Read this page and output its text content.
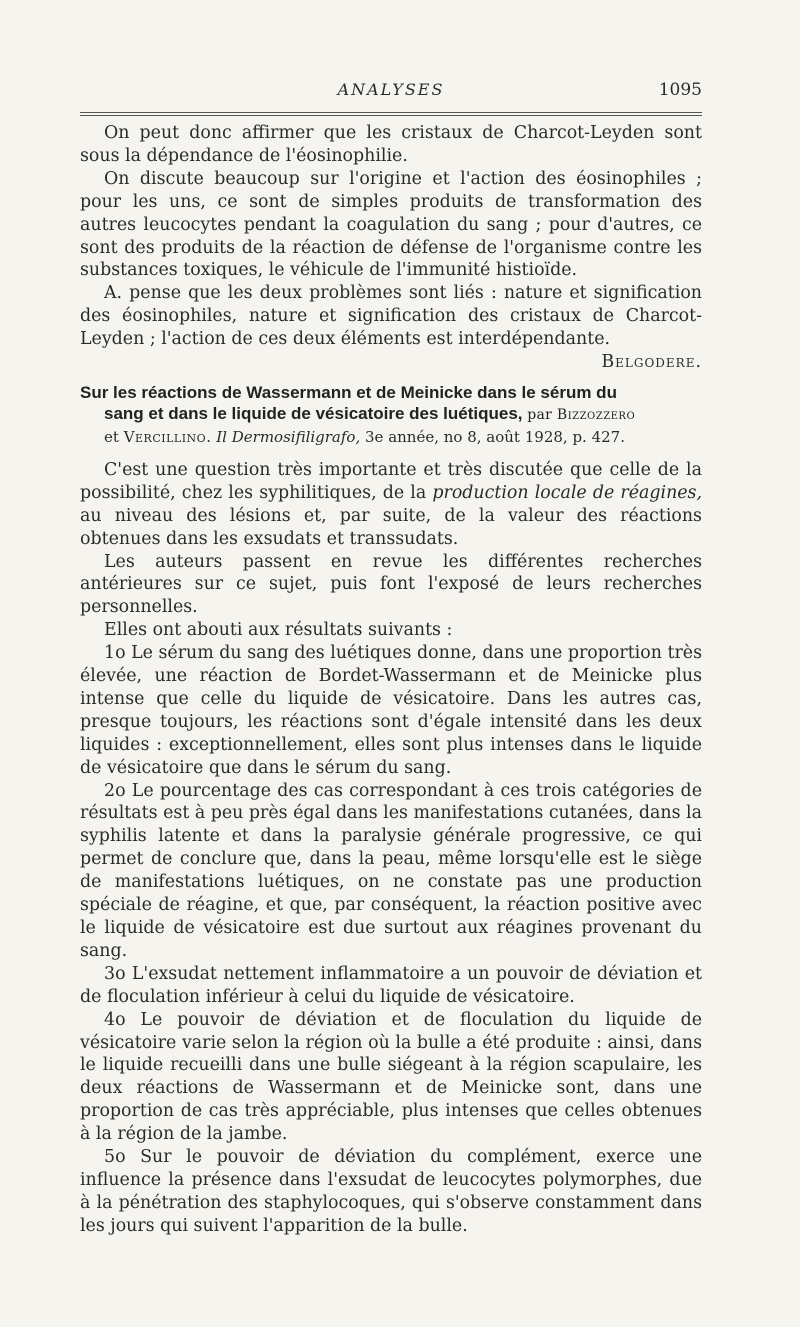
ANALYSES	1095

On peut donc affirmer que les cristaux de Charcot-Leyden sont sous la dépendance de l'éosinophilie.

On discute beaucoup sur l'origine et l'action des éosinophiles ; pour les uns, ce sont de simples produits de transformation des autres leucocytes pendant la coagulation du sang ; pour d'autres, ce sont des produits de la réaction de défense de l'organisme contre les substances toxiques, le véhicule de l'immunité histioïde.

A. pense que les deux problèmes sont liés : nature et signification des éosinophiles, nature et signification des cristaux de Charcot-Leyden ; l'action de ces deux éléments est interdépendante.

Belgodere.

Sur les réactions de Wassermann et de Meinicke dans le sérum du
sang et dans le liquide de vésicatoire des luétiques, par Bizzozzero

et Vercillino. Il Dermosifiligrafo, 3e année, no 8, août 1928, p. 427.

C'est une question très importante et très discutée que celle de la possibilité, chez les syphilitiques, de la production locale de réagines, au niveau des lésions et, par suite, de la valeur des réactions obtenues dans les exsudats et transsudats.

Les auteurs passent en revue les différentes recherches antérieures sur ce sujet, puis font l'exposé de leurs recherches personnelles.

Elles ont abouti aux résultats suivants :

1o Le sérum du sang des luétiques donne, dans une proportion très élevée, une réaction de Bordet-Wassermann et de Meinicke plus intense que celle du liquide de vésicatoire. Dans les autres cas, presque toujours, les réactions sont d'égale intensité dans les deux liquides : exceptionnellement, elles sont plus intenses dans le liquide de vésicatoire que dans le sérum du sang.

2o Le pourcentage des cas correspondant à ces trois catégories de résultats est à peu près égal dans les manifestations cutanées, dans la syphilis latente et dans la paralysie générale progressive, ce qui permet de conclure que, dans la peau, même lorsqu'elle est le siège de manifestations luétiques, on ne constate pas une production spéciale de réagine, et que, par conséquent, la réaction positive avec le liquide de vésicatoire est due surtout aux réagines provenant du sang.

3o L'exsudat nettement inflammatoire a un pouvoir de déviation et de floculation inférieur à celui du liquide de vésicatoire.

4o Le pouvoir de déviation et de floculation du liquide de vésicatoire varie selon la région où la bulle a été produite : ainsi, dans le liquide recueilli dans une bulle siégeant à la région scapulaire, les deux réactions de Wassermann et de Meinicke sont, dans une proportion de cas très appréciable, plus intenses que celles obtenues à la région de la jambe.

5o Sur le pouvoir de déviation du complément, exerce une influence la présence dans l'exsudat de leucocytes polymorphes, due à la pénétration des staphylocoques, qui s'observe constamment dans les jours qui suivent l'apparition de la bulle.
